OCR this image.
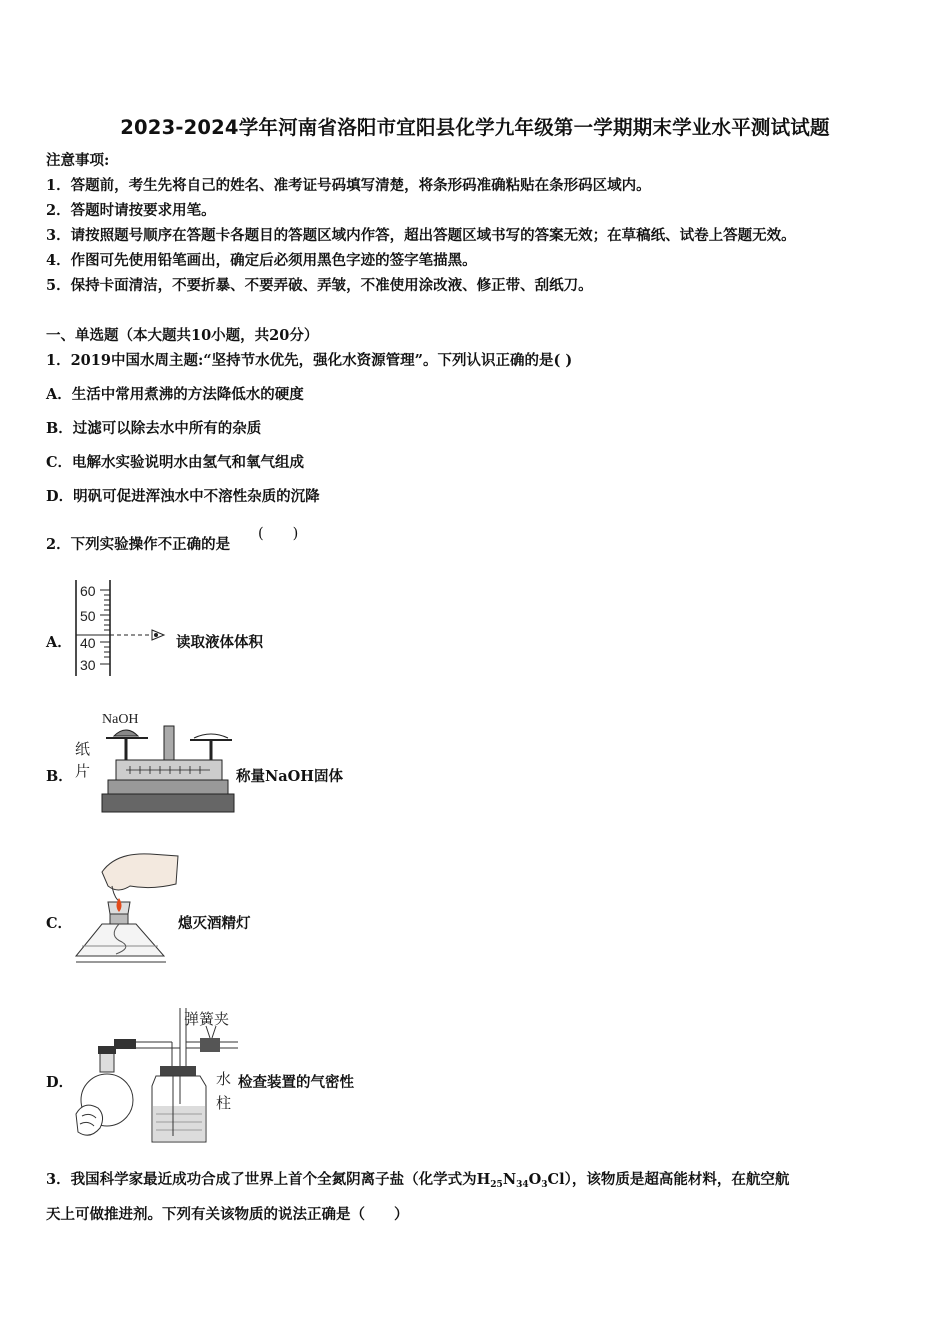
2023-2024学年河南省洛阳市宜阳县化学九年级第一学期期末学业水平测试试题
注意事项:
1．答题前，考生先将自己的姓名、准考证号码填写清楚，将条形码准确粘贴在条形码区域内。
2．答题时请按要求用笔。
3．请按照题号顺序在答题卡各题目的答题区域内作答，超出答题区域书写的答案无效；在草稿纸、试卷上答题无效。
4．作图可先使用铅笔画出，确定后必须用黑色字迹的签字笔描黑。
5．保持卡面清洁，不要折暴、不要弄破、弄皱，不准使用涂改液、修正带、刮纸刀。
一、单选题（本大题共10小题，共20分）
1．2019中国水周主题:“坚持节水优先，强化水资源管理”。下列认识正确的是( )
A．生活中常用煮沸的方法降低水的硬度
B．过滤可以除去水中所有的杂质
C．电解水实验说明水由氢气和氧气组成
D．明矾可促进浑浊水中不溶性杂质的沉降
2．下列实验操作不正确的是
(　　)
A．
60
50
40
30
读取液体体积
B．
NaOH
纸
片	称量NaOH固体
C．	熄灭酒精灯
D．
弹簧夹
水
柱
检查装置的气密性
3．我国科学家最近成功合成了世界上首个全氮阴离子盐（化学式为$H_{25}N_{34}O_3Cl$），该物质是超高能材料，在航空航
天上可做推进剂。下列有关该物质的说法正确是（　　）
